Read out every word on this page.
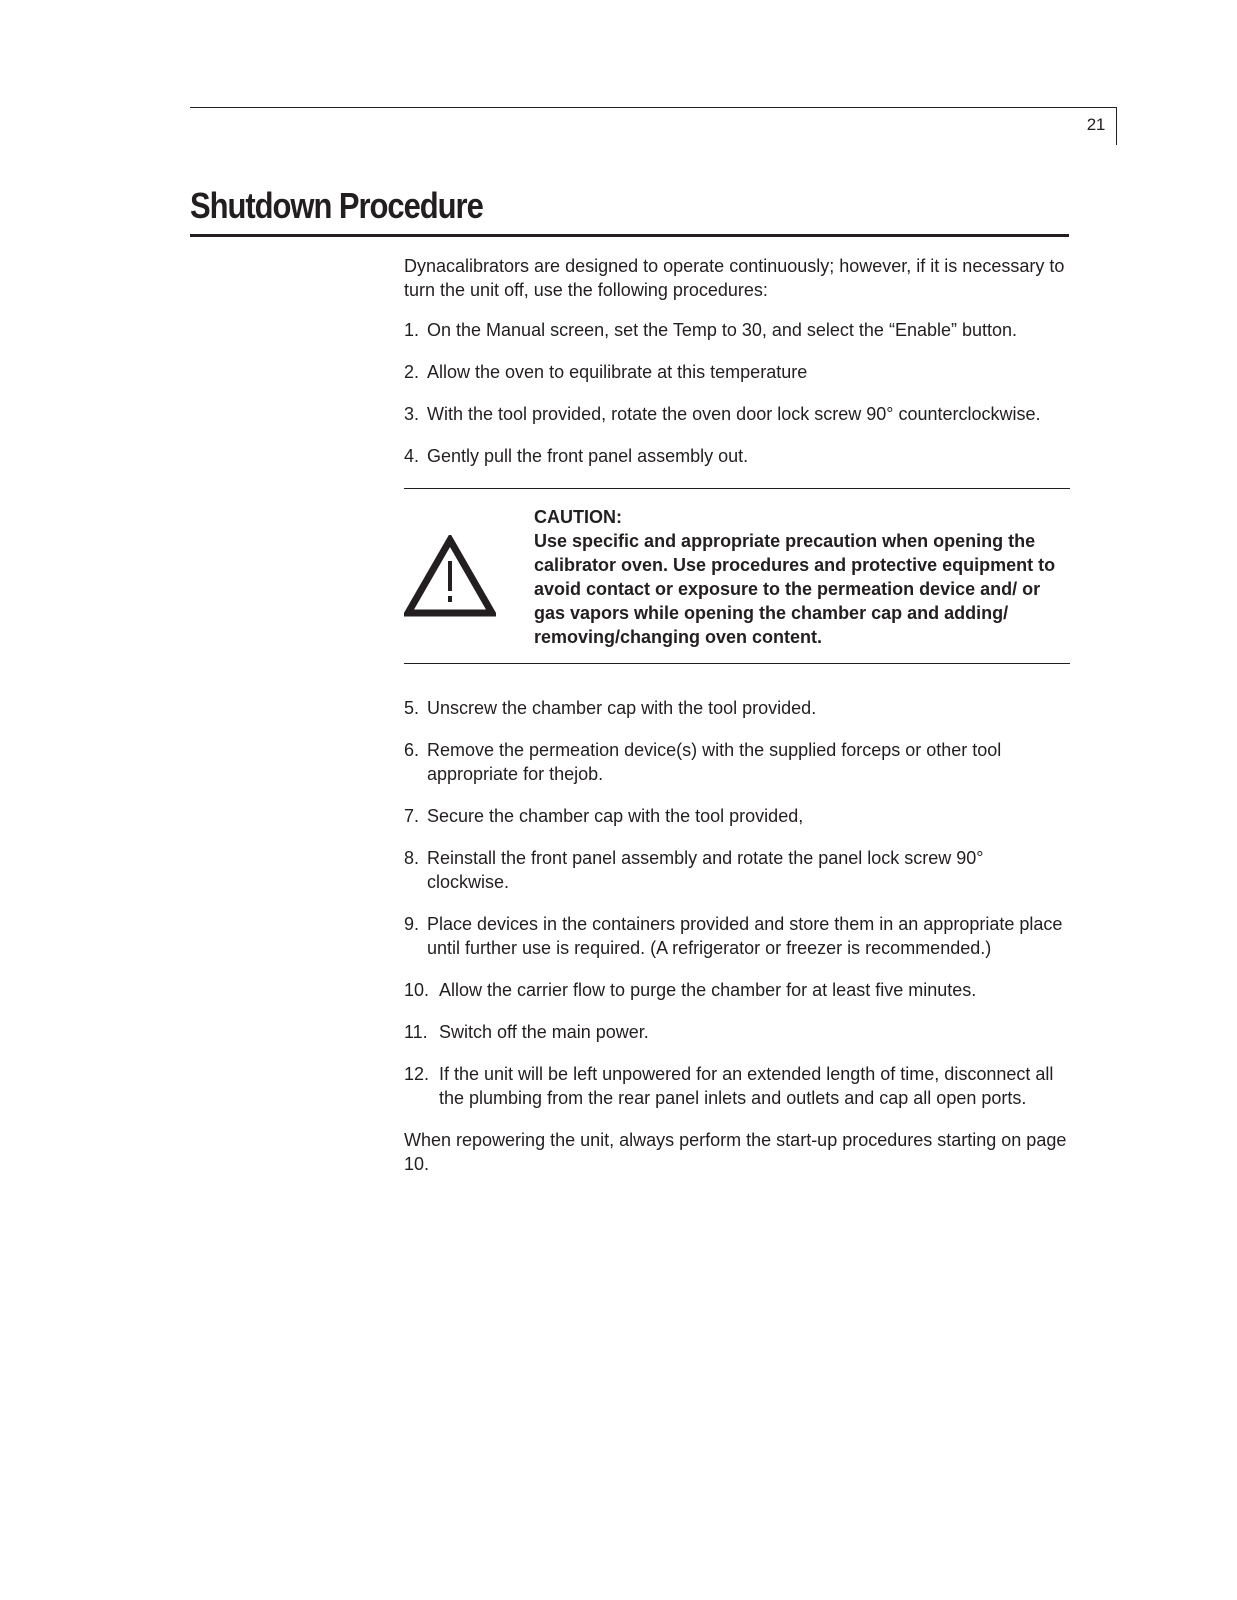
21
Shutdown Procedure

Dynacalibrators are designed to operate continuously; however, if it is necessary to turn the unit off, use the following procedures:

1. On the Manual screen, set the Temp to 30, and select the “Enable” button.
2. Allow the oven to equilibrate at this temperature
3. With the tool provided, rotate the oven door lock screw 90° counterclockwise.
4. Gently pull the front panel assembly out.
CAUTION:
Use specific and appropriate precaution when opening the calibrator oven. Use procedures and protective equipment to avoid contact or exposure to the permeation device and/ or gas vapors while opening the chamber cap and adding/ removing/changing oven content.
5. Unscrew the chamber cap with the tool provided.
6. Remove the permeation device(s) with the supplied forceps or other tool appropriate for thejob.
7. Secure the chamber cap with the tool provided,
8. Reinstall the front panel assembly and rotate the panel lock screw 90° clockwise.
9. Place devices in the containers provided and store them in an appropriate place until further use is required. (A refrigerator or freezer is recommended.)
10. Allow the carrier flow to purge the chamber for at least five minutes.
11. Switch off the main power.
12. If the unit will be left unpowered for an extended length of time, disconnect all the plumbing from the rear panel inlets and outlets and cap all open ports.

When repowering the unit, always perform the start-up procedures starting on page 10.
